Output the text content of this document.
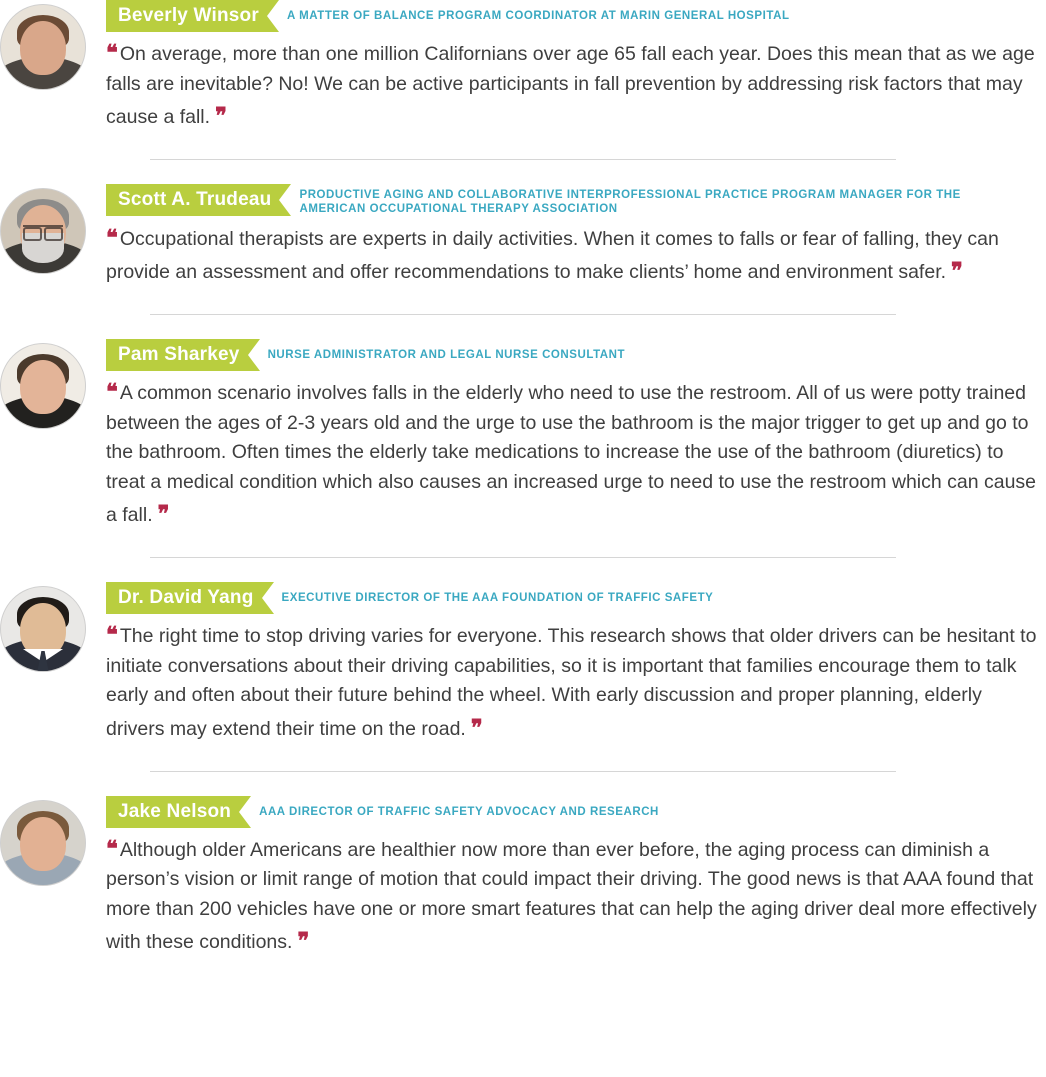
Beverly Winsor	A MATTER OF BALANCE PROGRAM COORDINATOR AT MARIN GENERAL HOSPITAL

❝ On average, more than one million Californians over age 65 fall each year. Does this mean that as we age falls are inevitable? No! We can be active participants in fall prevention by addressing risk factors that may cause a fall. ❞

Scott A. Trudeau	PRODUCTIVE AGING AND COLLABORATIVE INTERPROFESSIONAL PRACTICE PROGRAM MANAGER FOR THE AMERICAN OCCUPATIONAL THERAPY ASSOCIATION

❝ Occupational therapists are experts in daily activities. When it comes to falls or fear of falling, they can provide an assessment and offer recommendations to make clients’ home and environment safer. ❞

Pam Sharkey	NURSE ADMINISTRATOR AND LEGAL NURSE CONSULTANT

❝ A common scenario involves falls in the elderly who need to use the restroom. All of us were potty trained between the ages of 2-3 years old and the urge to use the bathroom is the major trigger to get up and go to the bathroom. Often times the elderly take medications to increase the use of the bathroom (diuretics) to treat a medical condition which also causes an increased urge to need to use the restroom which can cause a fall. ❞

Dr. David Yang	EXECUTIVE DIRECTOR OF THE AAA FOUNDATION OF TRAFFIC SAFETY

❝ The right time to stop driving varies for everyone. This research shows that older drivers can be hesitant to initiate conversations about their driving capabilities, so it is important that families encourage them to talk early and often about their future behind the wheel. With early discussion and proper planning, elderly drivers may extend their time on the road. ❞

Jake Nelson	AAA DIRECTOR OF TRAFFIC SAFETY ADVOCACY AND RESEARCH

❝ Although older Americans are healthier now more than ever before, the aging process can diminish a person’s vision or limit range of motion that could impact their driving. The good news is that AAA found that more than 200 vehicles have one or more smart features that can help the aging driver deal more effectively with these conditions. ❞
